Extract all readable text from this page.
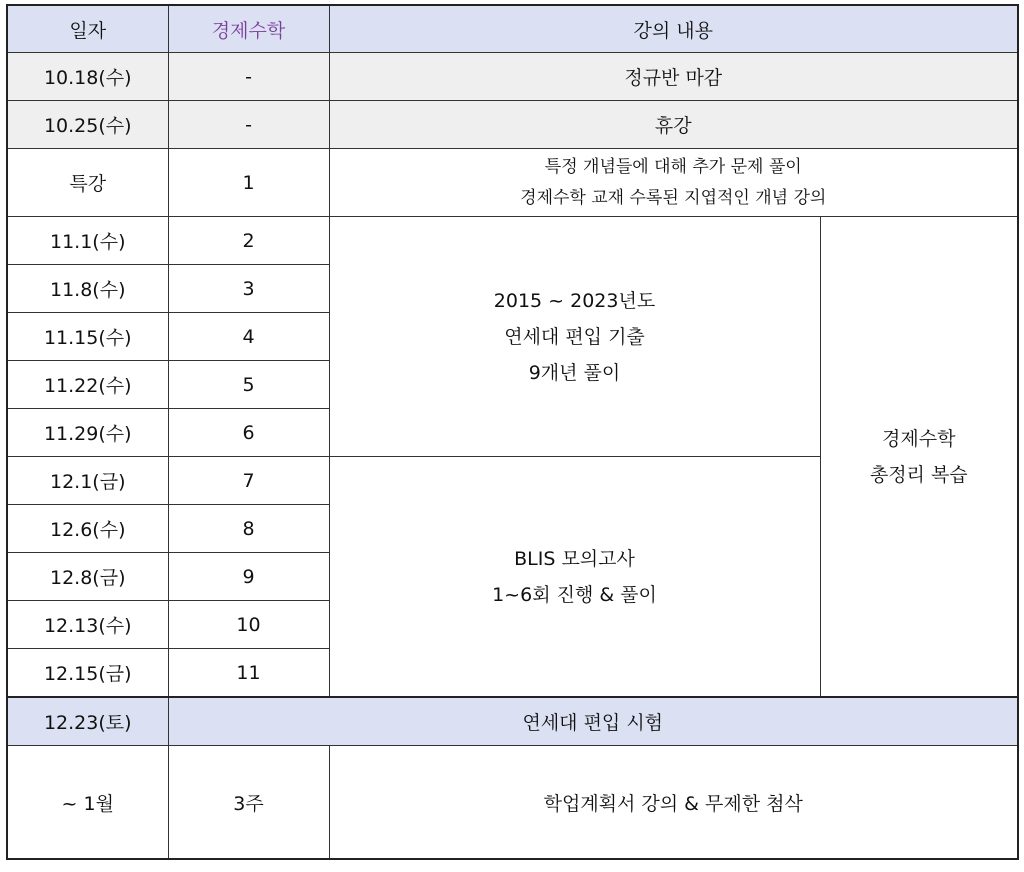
일자	경제수학	강의 내용	
10.18(수)	-	정규반 마감	
10.25(수)	-	휴강	
특강	1	특정 개념들에 대해 추가 문제 풀이
경제수학 교재 수록된 지엽적인 개념 강의	

11.1(수)	2	2015 ~ 2023년도
연세대 편입 기출
9개년 풀이	경제수학
총정리 복습

11.8(수)	3		
11.15(수)	4		
11.22(수)	5		
11.29(수)	6		
12.1(금)	7	BLIS 모의고사
1~6회 진행 & 풀이	

12.6(수)	8		
12.8(금)	9		
12.13(수)	10		
12.15(금)	11		
12.23(토)	연세대 편입 시험		
~ 1월	3주	학업계획서 강의 & 무제한 첨삭	
